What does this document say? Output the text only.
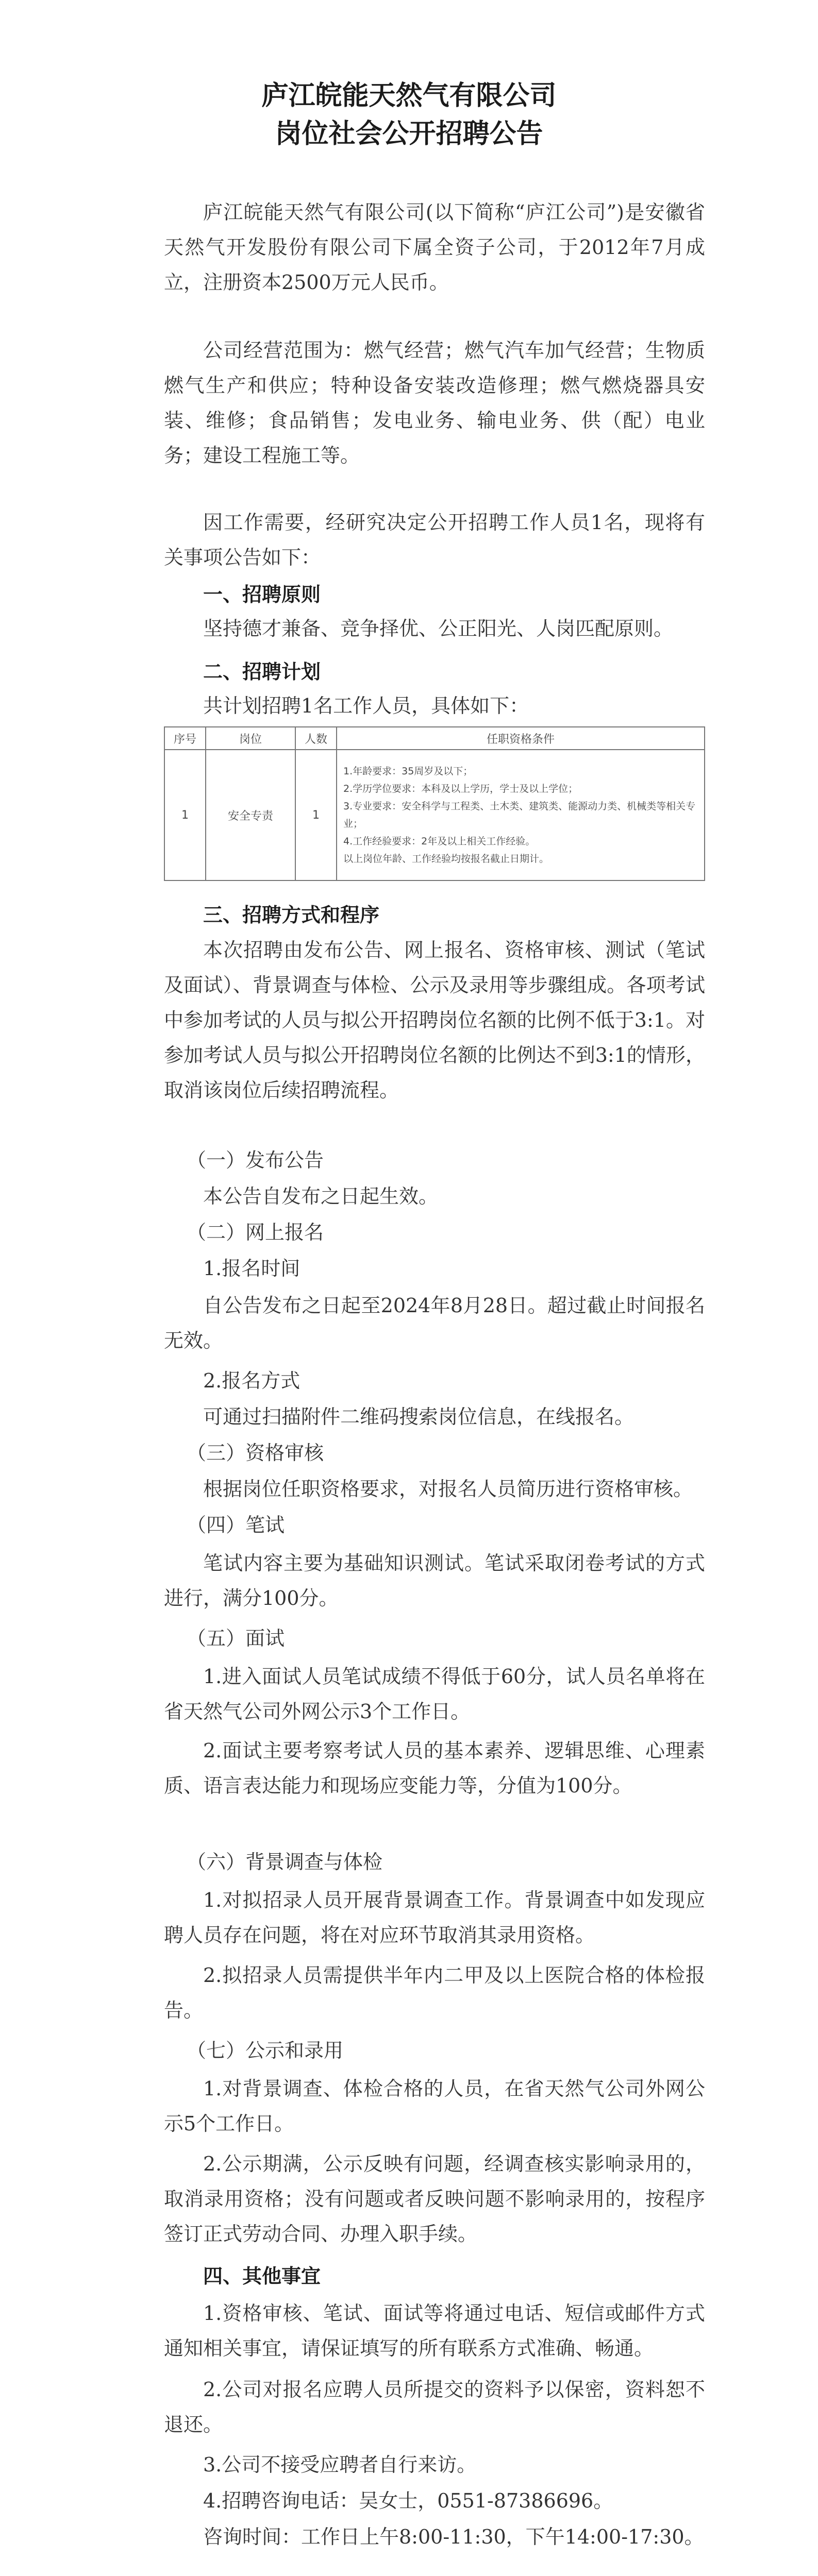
庐江皖能天然气有限公司
岗位社会公开招聘公告
庐江皖能天然气有限公司(以下简称“庐江公司”)是安徽省天然气开发股份有限公司下属全资子公司，于2012年7月成立，注册资本2500万元人民币。
公司经营范围为：燃气经营；燃气汽车加气经营；生物质燃气生产和供应；特种设备安装改造修理；燃气燃烧器具安装、维修；食品销售；发电业务、输电业务、供（配）电业务；建设工程施工等。
因工作需要，经研究决定公开招聘工作人员1名，现将有关事项公告如下：
一、招聘原则
坚持德才兼备、竞争择优、公正阳光、人岗匹配原则。
二、招聘计划
共计划招聘1名工作人员，具体如下：
序号	岗位	人数	任职资格条件
1	安全专责	1	1.年龄要求：35周岁及以下；
2.学历学位要求：本科及以上学历，学士及以上学位；
3.专业要求：安全科学与工程类、土木类、建筑类、能源动力类、机械类等相关专业；
4.工作经验要求：2年及以上相关工作经验。
以上岗位年龄、工作经验均按报名截止日期计。
三、招聘方式和程序
本次招聘由发布公告、网上报名、资格审核、测试（笔试及面试）、背景调查与体检、公示及录用等步骤组成。各项考试中参加考试的人员与拟公开招聘岗位名额的比例不低于3:1。对参加考试人员与拟公开招聘岗位名额的比例达不到3:1的情形，取消该岗位后续招聘流程。
（一）发布公告
本公告自发布之日起生效。
（二）网上报名
1.报名时间
自公告发布之日起至2024年8月28日。超过截止时间报名无效。
2.报名方式
可通过扫描附件二维码搜索岗位信息，在线报名。
（三）资格审核
根据岗位任职资格要求，对报名人员简历进行资格审核。
（四）笔试
笔试内容主要为基础知识测试。笔试采取闭卷考试的方式进行，满分100分。
（五）面试
1.进入面试人员笔试成绩不得低于60分，试人员名单将在省天然气公司外网公示3个工作日。
2.面试主要考察考试人员的基本素养、逻辑思维、心理素质、语言表达能力和现场应变能力等，分值为100分。
（六）背景调查与体检
1.对拟招录人员开展背景调查工作。背景调查中如发现应聘人员存在问题，将在对应环节取消其录用资格。
2.拟招录人员需提供半年内二甲及以上医院合格的体检报告。
（七）公示和录用
1.对背景调查、体检合格的人员，在省天然气公司外网公示5个工作日。
2.公示期满，公示反映有问题，经调查核实影响录用的，取消录用资格；没有问题或者反映问题不影响录用的，按程序签订正式劳动合同、办理入职手续。
四、其他事宜
1.资格审核、笔试、面试等将通过电话、短信或邮件方式通知相关事宜，请保证填写的所有联系方式准确、畅通。
2.公司对报名应聘人员所提交的资料予以保密，资料恕不退还。
3.公司不接受应聘者自行来访。
4.招聘咨询电话：吴女士，0551-87386696。
咨询时间：工作日上午8:00-11:30，下午14:00-17:30。
